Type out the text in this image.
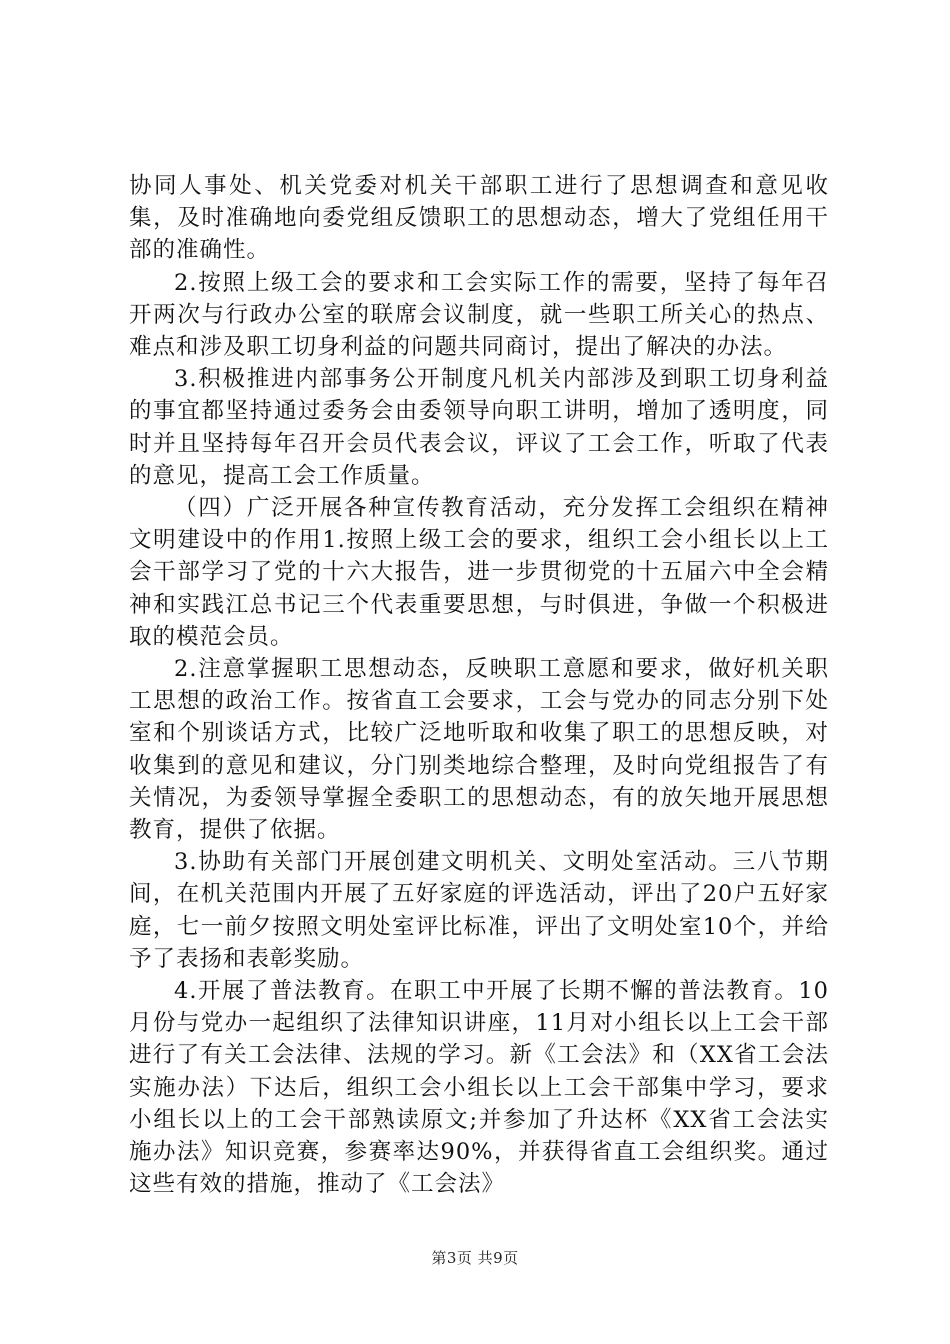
协同人事处、机关党委对机关干部职工进行了思想调查和意见收集，及时准确地向委党组反馈职工的思想动态，增大了党组任用干部的准确性。

2.按照上级工会的要求和工会实际工作的需要，坚持了每年召开两次与行政办公室的联席会议制度，就一些职工所关心的热点、难点和涉及职工切身利益的问题共同商讨，提出了解决的办法。

3.积极推进内部事务公开制度凡机关内部涉及到职工切身利益的事宜都坚持通过委务会由委领导向职工讲明，增加了透明度，同时并且坚持每年召开会员代表会议，评议了工会工作，听取了代表的意见，提高工会工作质量。

（四）广泛开展各种宣传教育活动，充分发挥工会组织在精神文明建设中的作用1.按照上级工会的要求，组织工会小组长以上工会干部学习了党的十六大报告，进一步贯彻党的十五届六中全会精神和实践江总书记三个代表重要思想，与时俱进，争做一个积极进取的模范会员。

2.注意掌握职工思想动态，反映职工意愿和要求，做好机关职工思想的政治工作。按省直工会要求，工会与党办的同志分别下处室和个别谈话方式，比较广泛地听取和收集了职工的思想反映，对收集到的意见和建议，分门别类地综合整理，及时向党组报告了有关情况，为委领导掌握全委职工的思想动态，有的放矢地开展思想教育，提供了依据。

3.协助有关部门开展创建文明机关、文明处室活动。三八节期间，在机关范围内开展了五好家庭的评选活动，评出了20户五好家庭，七一前夕按照文明处室评比标准，评出了文明处室10个，并给予了表扬和表彰奖励。

4.开展了普法教育。在职工中开展了长期不懈的普法教育。10月份与党办一起组织了法律知识讲座，11月对小组长以上工会干部进行了有关工会法律、法规的学习。新《工会法》和（XX省工会法实施办法）下达后，组织工会小组长以上工会干部集中学习，要求小组长以上的工会干部熟读原文;并参加了升达杯《XX省工会法实施办法》知识竞赛，参赛率达90%，并获得省直工会组织奖。通过这些有效的措施，推动了《工会法》

第3页 共9页
